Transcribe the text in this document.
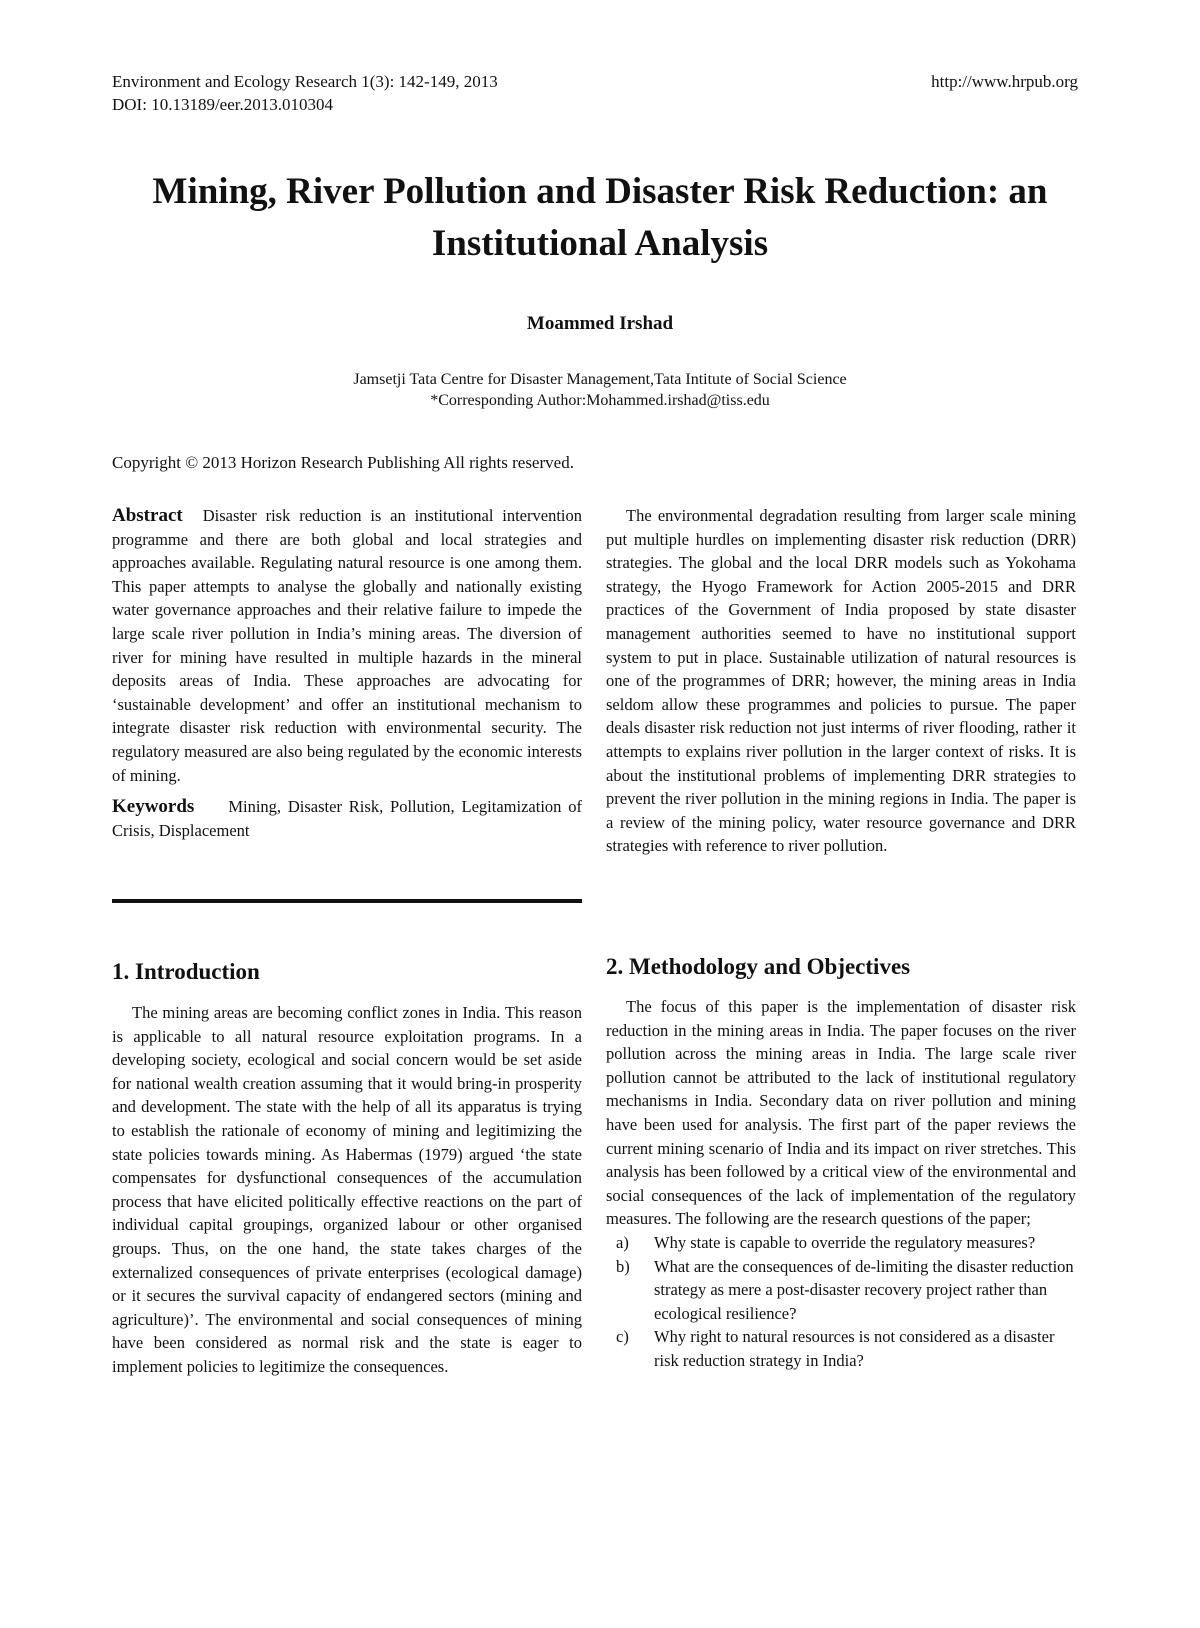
Environment and Ecology Research 1(3): 142-149, 2013
DOI: 10.13189/eer.2013.010304
http://www.hrpub.org
Mining, River Pollution and Disaster Risk Reduction: an Institutional Analysis
Moammed Irshad
Jamsetji Tata Centre for Disaster Management,Tata Intitute of Social Science
*Corresponding Author:Mohammed.irshad@tiss.edu
Copyright © 2013 Horizon Research Publishing All rights reserved.

Abstract Disaster risk reduction is an institutional intervention programme and there are both global and local strategies and approaches available. Regulating natural resource is one among them. This paper attempts to analyse the globally and nationally existing water governance approaches and their relative failure to impede the large scale river pollution in India’s mining areas. The diversion of river for mining have resulted in multiple hazards in the mineral deposits areas of India. These approaches are advocating for ‘sustainable development’ and offer an institutional mechanism to integrate disaster risk reduction with environmental security. The regulatory measured are also being regulated by the economic interests of mining.

Keywords Mining, Disaster Risk, Pollution, Legitamization of Crisis, Displacement

The environmental degradation resulting from larger scale mining put multiple hurdles on implementing disaster risk reduction (DRR) strategies. The global and the local DRR models such as Yokohama strategy, the Hyogo Framework for Action 2005-2015 and DRR practices of the Government of India proposed by state disaster management authorities seemed to have no institutional support system to put in place. Sustainable utilization of natural resources is one of the programmes of DRR; however, the mining areas in India seldom allow these programmes and policies to pursue. The paper deals disaster risk reduction not just interms of river flooding, rather it attempts to explains river pollution in the larger context of risks. It is about the institutional problems of implementing DRR strategies to prevent the river pollution in the mining regions in India. The paper is a review of the mining policy, water resource governance and DRR strategies with reference to river pollution.

1. Introduction

The mining areas are becoming conflict zones in India. This reason is applicable to all natural resource exploitation programs. In a developing society, ecological and social concern would be set aside for national wealth creation assuming that it would bring-in prosperity and development. The state with the help of all its apparatus is trying to establish the rationale of economy of mining and legitimizing the state policies towards mining. As Habermas (1979) argued ‘the state compensates for dysfunctional consequences of the accumulation process that have elicited politically effective reactions on the part of individual capital groupings, organized labour or other organised groups. Thus, on the one hand, the state takes charges of the externalized consequences of private enterprises (ecological damage) or it secures the survival capacity of endangered sectors (mining and agriculture)’. The environmental and social consequences of mining have been considered as normal risk and the state is eager to implement policies to legitimize the consequences.

2. Methodology and Objectives

The focus of this paper is the implementation of disaster risk reduction in the mining areas in India. The paper focuses on the river pollution across the mining areas in India. The large scale river pollution cannot be attributed to the lack of institutional regulatory mechanisms in India. Secondary data on river pollution and mining have been used for analysis. The first part of the paper reviews the current mining scenario of India and its impact on river stretches. This analysis has been followed by a critical view of the environmental and social consequences of the lack of implementation of the regulatory measures. The following are the research questions of the paper;

a) Why state is capable to override the regulatory measures?
b) What are the consequences of de-limiting the disaster reduction strategy as mere a post-disaster recovery project rather than ecological resilience?
c) Why right to natural resources is not considered as a disaster risk reduction strategy in India?
